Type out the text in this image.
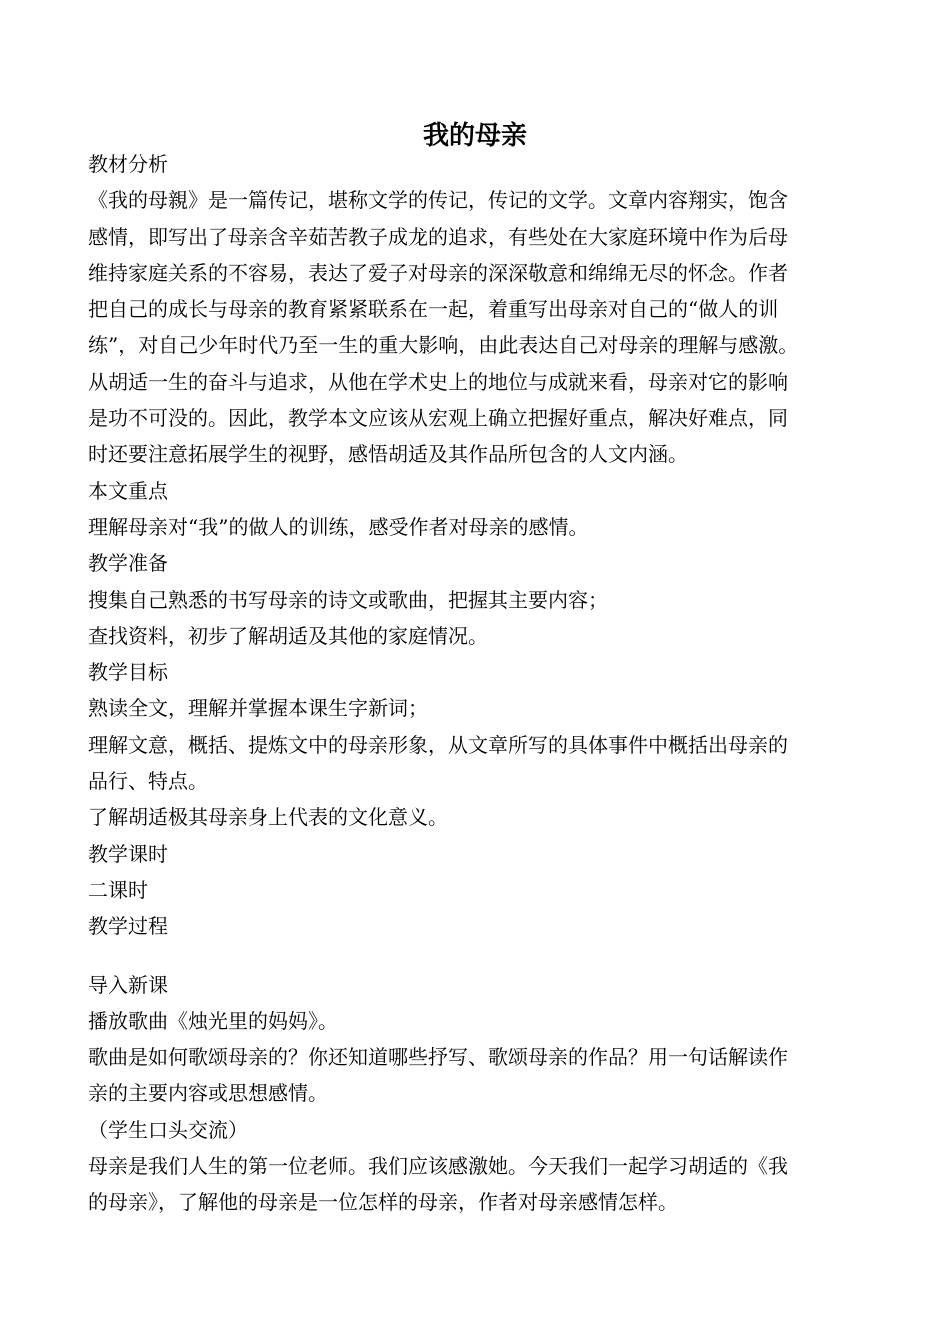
我的母亲
教材分析
《我的母親》是一篇传记，堪称文学的传记，传记的文学。文章内容翔实，饱含
感情，即写出了母亲含辛茹苦教子成龙的追求，有些处在大家庭环境中作为后母
维持家庭关系的不容易，表达了爱子对母亲的深深敬意和绵绵无尽的怀念。作者
把自己的成长与母亲的教育紧紧联系在一起，着重写出母亲对自己的“做人的训
练”，对自己少年时代乃至一生的重大影响，由此表达自己对母亲的理解与感激。
从胡适一生的奋斗与追求，从他在学术史上的地位与成就来看，母亲对它的影响
是功不可没的。因此，教学本文应该从宏观上确立把握好重点，解决好难点，同
时还要注意拓展学生的视野，感悟胡适及其作品所包含的人文内涵。
本文重点
理解母亲对“我”的做人的训练，感受作者对母亲的感情。
教学准备
搜集自己熟悉的书写母亲的诗文或歌曲，把握其主要内容；
查找资料，初步了解胡适及其他的家庭情况。
教学目标
熟读全文，理解并掌握本课生字新词；
理解文意，概括、提炼文中的母亲形象，从文章所写的具体事件中概括出母亲的
品行、特点。
了解胡适极其母亲身上代表的文化意义。
教学课时
二课时
教学过程
导入新课
播放歌曲《烛光里的妈妈》。
歌曲是如何歌颂母亲的？你还知道哪些抒写、歌颂母亲的作品？用一句话解读作
亲的主要内容或思想感情。
（学生口头交流）
母亲是我们人生的第一位老师。我们应该感激她。今天我们一起学习胡适的《我
的母亲》，了解他的母亲是一位怎样的母亲，作者对母亲感情怎样。
